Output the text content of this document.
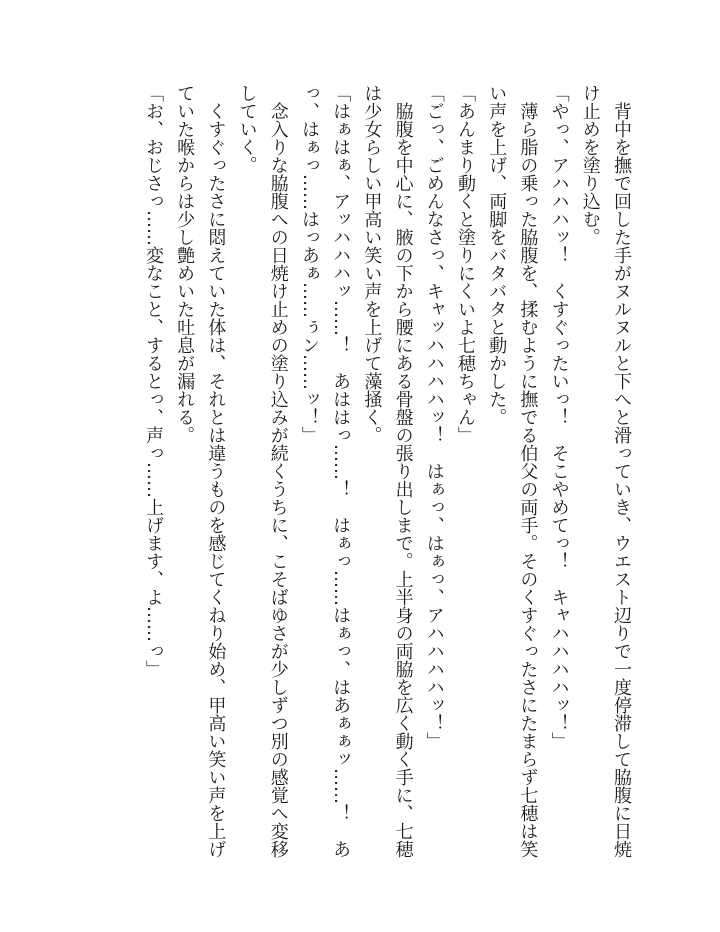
　背中を撫で回した手がヌルヌルと下へと滑っていき、ウエスト辺りで一度停滞して脇腹に日焼
け止めを塗り込む。
「やっ、アハハハッ！　くすぐったいっ！　そこやめてっ！　キャハハハハッ！」
　薄ら脂の乗った脇腹を、揉むように撫でる伯父の両手。そのくすぐったさにたまらず七穂は笑
い声を上げ、両脚をバタバタと動かした。
「あんまり動くと塗りにくいよ七穂ちゃん」
「ごっ、ごめんなさっ、キャッハハハハッ！　はぁっ、はぁっ、アハハハハッ！」
　脇腹を中心に、腋の下から腰にある骨盤の張り出しまで。上半身の両脇を広く動く手に、七穂
は少女らしい甲高い笑い声を上げて藻掻く。
「はぁはぁ、アッハハハッ……！　あははっ……！　はぁっ……はぁっ、はあぁぁッ……！　あ
っ、はぁっ……はっあぁ……ぅン……ッ！」
　念入りな脇腹への日焼け止めの塗り込みが続くうちに、こそばゆさが少しずつ別の感覚へ変移
していく。
　くすぐったさに悶えていた体は、それとは違うものを感じてくねり始め、甲高い笑い声を上げ
ていた喉からは少し艶めいた吐息が漏れる。
「お、おじさっ……変なこと、するとっ、声っ……上げます、よ……っ」
